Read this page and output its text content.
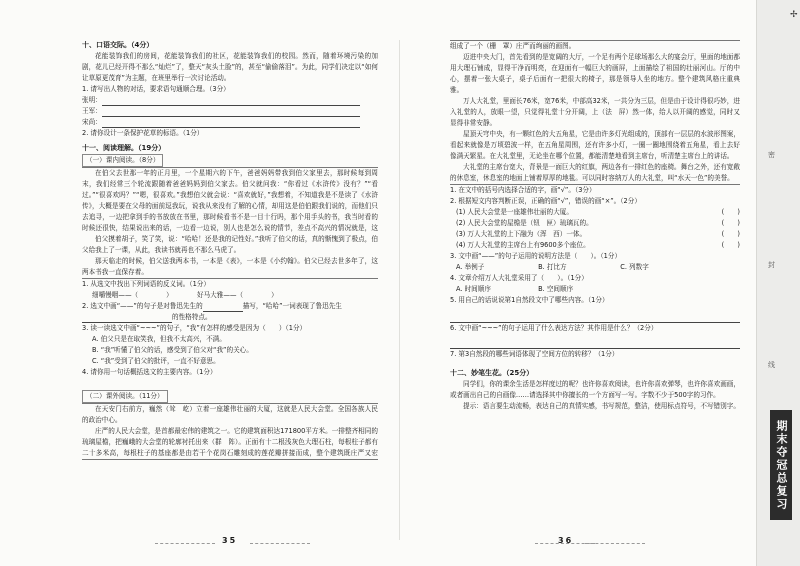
十、口语交际。（4分）
花能装饰我们的房间，花能装饰我们的社区，花能装饰我们的校园。然而，随着环境污染的加剧，花儿已经开得不那么“灿烂”了，整天“灰头土脸”的，甚至“偷偷落泪”。为此，同学们决定以“如何让草原更茂育”为主题，在班里举行一次讨论活动。
1. 请写出人物的对话，要求语句通顺合理。（3分）
张明：
王军：
宋尚：
2. 请你设计一条保护花草的标语。（1分）
十一、阅读理解。（19分）
（一）课内阅读。（8分）
在伯父去世那一年的正月里，一个星期六的下午，爸爸妈妈带我到伯父家里去，那时候每到周末，我们经常三个轮流跟随着爸爸妈妈到伯父家去。伯父就问我：“你看过《水浒传》没有？”“看过。”“很喜欢吗？”“嗯，很喜欢。”我想伯父就会说：“喜欢就好，”我想着，不知道我是不是读了《水浒传》，大概是要在父母的面前逗我玩，说我从来没有了解的心情，却用这是伯伯跟我们说的，而他们只去追寻，一边把拿到手的书放放在书里，那时候看书不是一目十行吗，那个用手头的书，我当时看的时候还很快，结果说出来的话，一边看一边说，别人也是怎么说的情节，差点不高兴的情况就是，这
伯父摸着胡子，笑了笑，说：“哈哈！还是我的记性好。”我听了伯父的话，真的惭愧到了极点，伯父给我上了一课，从此，我读书就再也不那么马虎了。
那天临走的时候，伯父送我两本书，一本是《表》，一本是《小约翰》。伯父已经去世多年了，这两本书我一直保存着。
1. 从选文中找出下列词语的反义词。（1分）
细嚼慢咽——（	）	好马大雅——（	）
2. 选文中画“——”的句子是对鲁迅先生的	描写，“哈哈”一词表现了鲁迅先生
的性格特点。
3. 读一读选文中画“~~~”的句子，“我”有怎样的感受是因为（　　）（1分）
A. 伯父只是在取笑我，但我不太高兴，不满。
B. “我”听懂了伯父的话，感受到了伯父对“我”的关心。
C. “我”受到了伯父的批评，一直不好意思。
4. 请你用一句话概括选文的主要内容。（1分）
（二）课外阅读。（11分）
在天安门右前方，巍然（耸　屹）立着一座雄伟壮丽的大厦，这就是人民大会堂。全国各族人民的政治中心。
庄严的人民大会堂，是首都最宏伟的建筑之一。它的建筑面积达171800平方米。一排整齐相同的琉璃屋檐，把巍峨的大会堂的轮廓衬托出来（群　阵）。正面有十二根浅灰色大理石柱，每根柱子都有二十多米高，每根柱子的基座都是由若干个花岗石雕刻成的莲花瓣拼接而成，整个建筑既庄严又宏
35
组成了一个（栅　罩）庄严而绚丽的画图。
迈进中央大门，首先看到的是宽阔的大厅，一个足有两个足球场那么大的宴会厅，里面的地面都用大理石铺成，显得干净而明亮，在迎面有一幅巨大的画屏，上面描绘了祖国的壮丽河山。厅的中心，摆着一张大桌子，桌子后面有一把很大的椅子，那是领导人坐的地方。整个建筑风格庄重典雅。
万人大礼堂，里面长76米，宽76米，中部高32米，一共分为三层，但是由于设计得很巧妙，进入礼堂的人，放眼一望，只觉得礼堂十分开阔，上（法　屏）然一体，给人以开阔的感觉，同时又显得非常安静。
屋顶天穹中央，有一颗红色的大五角星，它是由许多灯光组成的，顶部有一层层的水波形图案，看起来就像是万顷碧波一样，在五角星周围，还有许多小灯，一圈一圈地围绕着五角星，看上去好像满天繁星。在大礼堂里，无论坐在哪个位置，都能清楚地看到主席台，听清楚主席台上的讲话。
大礼堂的主席台宽大，背景是一面巨大的红旗，两边各有一排红色的座椅。舞台之外，还有宽敞的休息室，休息室的地面上铺着厚厚的地毯。可以同时容纳万人的大礼堂，叫“水天一色”的美誉。
1. 在文中的括号内选择合适的字，画“√”。（3分）
2. 根据短文内容判断正误，正确的画“√”，错误的画“×”。（2分）
(1) 人民大会堂是一座雄伟壮丽的大厦。	(　　)
(2) 人民大会堂的屋檐是（钮　匣）琉璃瓦的。	(　　)
(3) 万人大礼堂的上下融为（浑　西）一体。	(　　)
(4) 万人大礼堂的主席台上有9600多个座位。	(　　)
3. 文中画“——”的句子运用的说明方法是（　　）。（1分）
A. 举例子	B. 打比方	C. 列数字
4. 文章介绍万人大礼堂采用了（　　）。（1分）
A. 时间顺序	B. 空间顺序
5. 用自己的话说说第1自然段文中了哪些内容。（1分）
6. 文中画“~~~”的句子运用了什么表达方法？其作用是什么？（2分）
7. 第3自然段的哪些词语体现了空间方位的转移？（1分）
十二、妙笔生花。（25分）
同学们，你的课余生活是怎样度过的呢？也许你喜欢阅读，也许你喜欢弹琴，也许你喜欢画画，或者画出自己的自画像……请选择其中你擅长的一个方面写一写。字数不少于500字的习作。
提示：语言要生动流畅，表达自己的真情实感，书写规范，整洁，使用标点符号，不写错别字。
36
✢
密
封
线
期末夺冠总复习
